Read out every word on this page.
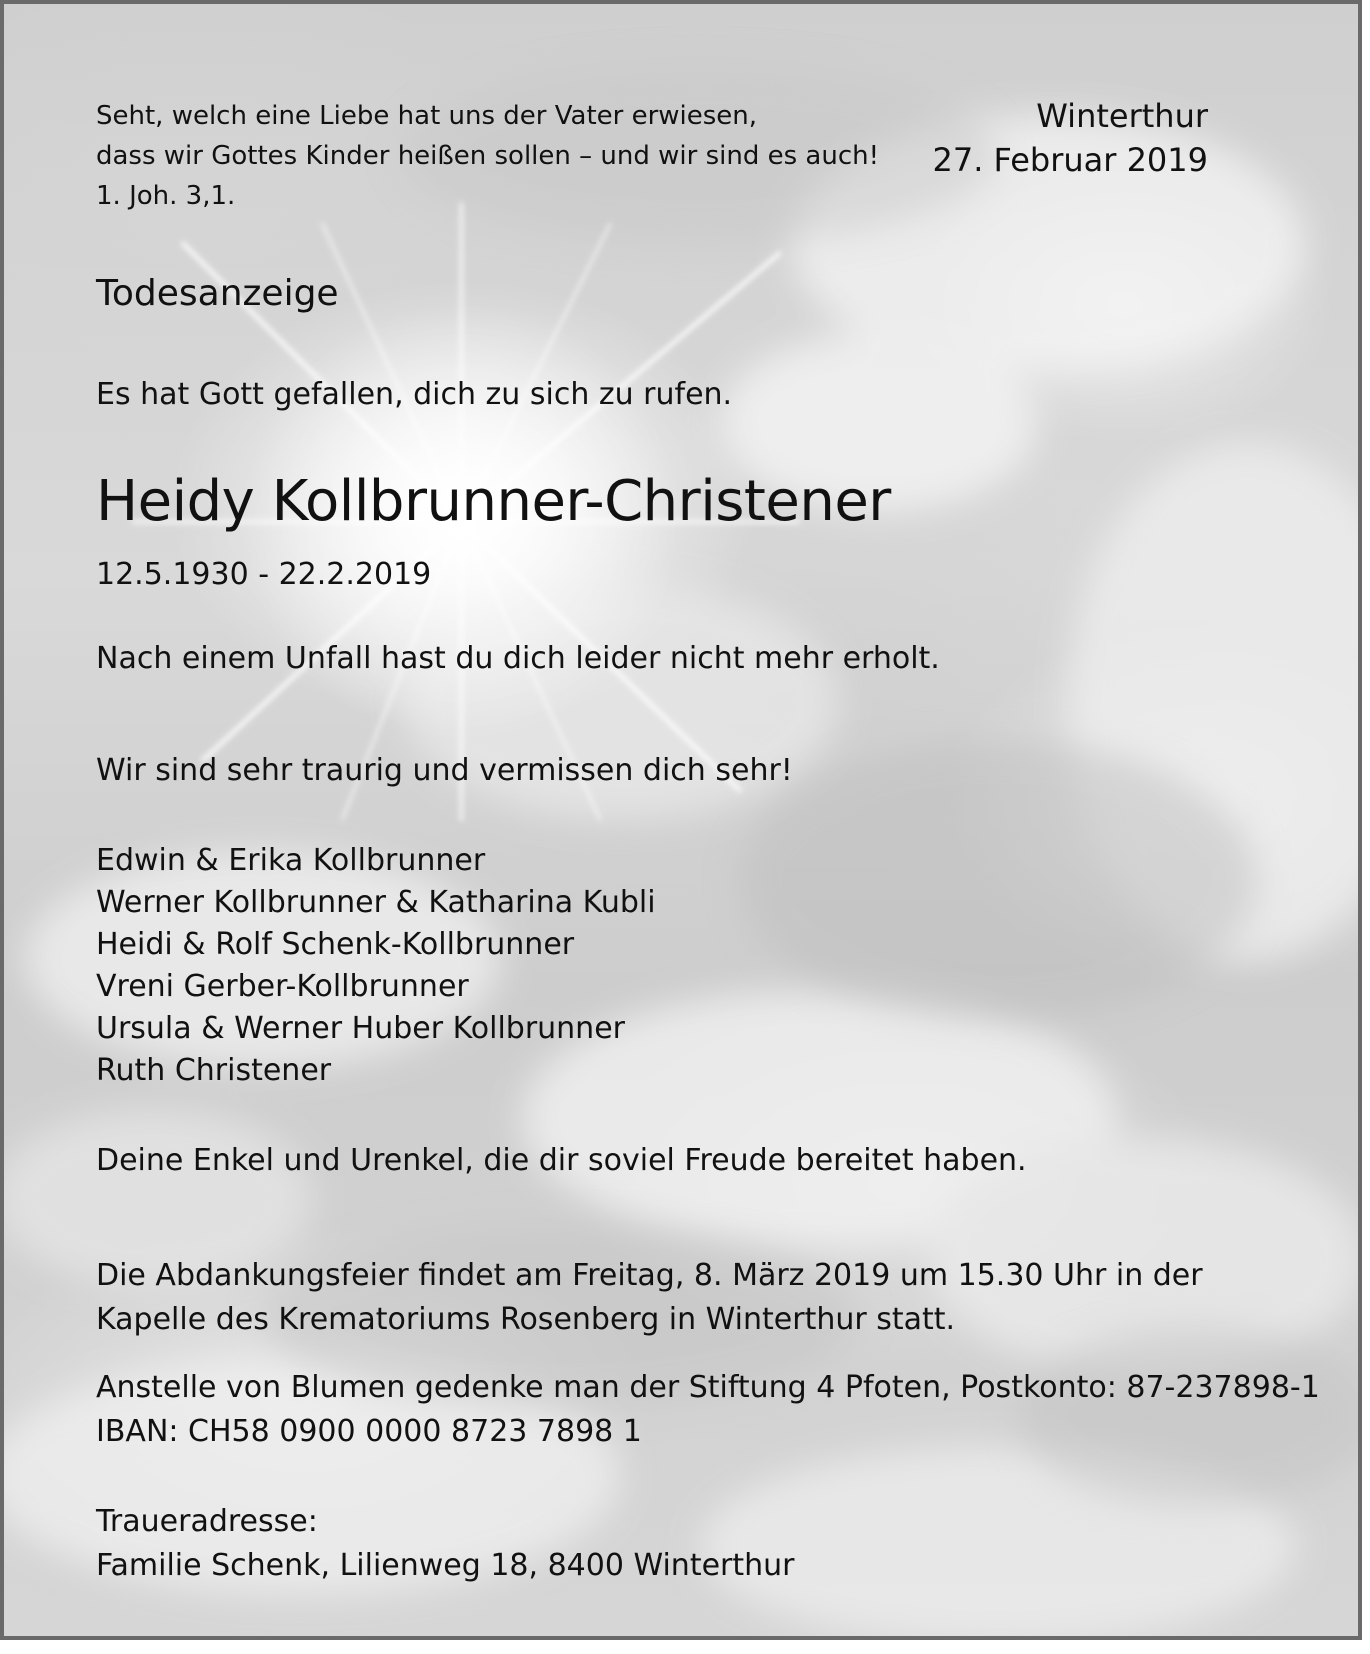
Seht, welch eine Liebe hat uns der Vater erwiesen,
dass wir Gottes Kinder heißen sollen – und wir sind es auch!
1. Joh. 3,1.
Winterthur
27. Februar 2019
Todesanzeige
Es hat Gott gefallen, dich zu sich zu rufen.
Heidy Kollbrunner-Christener
12.5.1930 - 22.2.2019
Nach einem Unfall hast du dich leider nicht mehr erholt.
Wir sind sehr traurig und vermissen dich sehr!
Edwin & Erika Kollbrunner
Werner Kollbrunner & Katharina Kubli
Heidi & Rolf Schenk-Kollbrunner
Vreni Gerber-Kollbrunner
Ursula & Werner Huber Kollbrunner
Ruth Christener
Deine Enkel und Urenkel, die dir soviel Freude bereitet haben.
Die Abdankungsfeier findet am Freitag, 8. März 2019 um 15.30 Uhr in der
Kapelle des Krematoriums Rosenberg in Winterthur statt.
Anstelle von Blumen gedenke man der Stiftung 4 Pfoten, Postkonto: 87-237898-1
IBAN: CH58 0900 0000 8723 7898 1
Traueradresse:
Familie Schenk, Lilienweg 18, 8400 Winterthur
